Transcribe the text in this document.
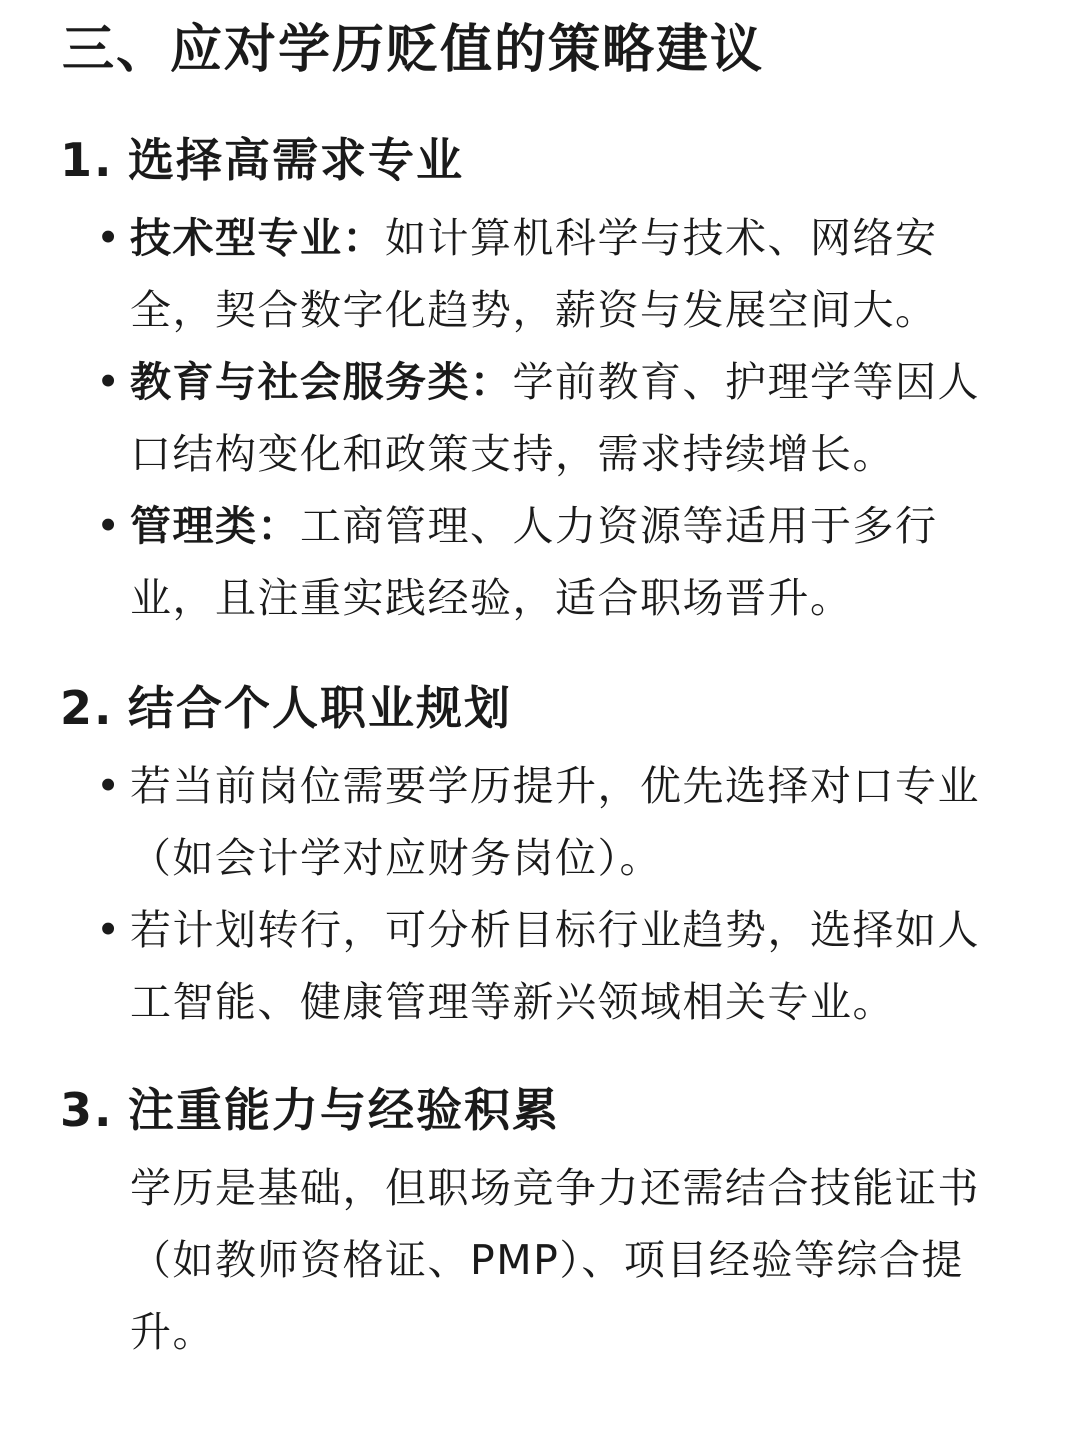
三、应对学历贬值的策略建议
1. 选择高需求专业
• 技术型专业：如计算机科学与技术、网络安全，契合数字化趋势，薪资与发展空间大。
• 教育与社会服务类：学前教育、护理学等因人口结构变化和政策支持，需求持续增长。
• 管理类：工商管理、人力资源等适用于多行业，且注重实践经验，适合职场晋升。
2. 结合个人职业规划
• 若当前岗位需要学历提升，优先选择对口专业（如会计学对应财务岗位）。
• 若计划转行，可分析目标行业趋势，选择如人工智能、健康管理等新兴领域相关专业。
3. 注重能力与经验积累
学历是基础，但职场竞争力还需结合技能证书（如教师资格证、PMP）、项目经验等综合提升。
